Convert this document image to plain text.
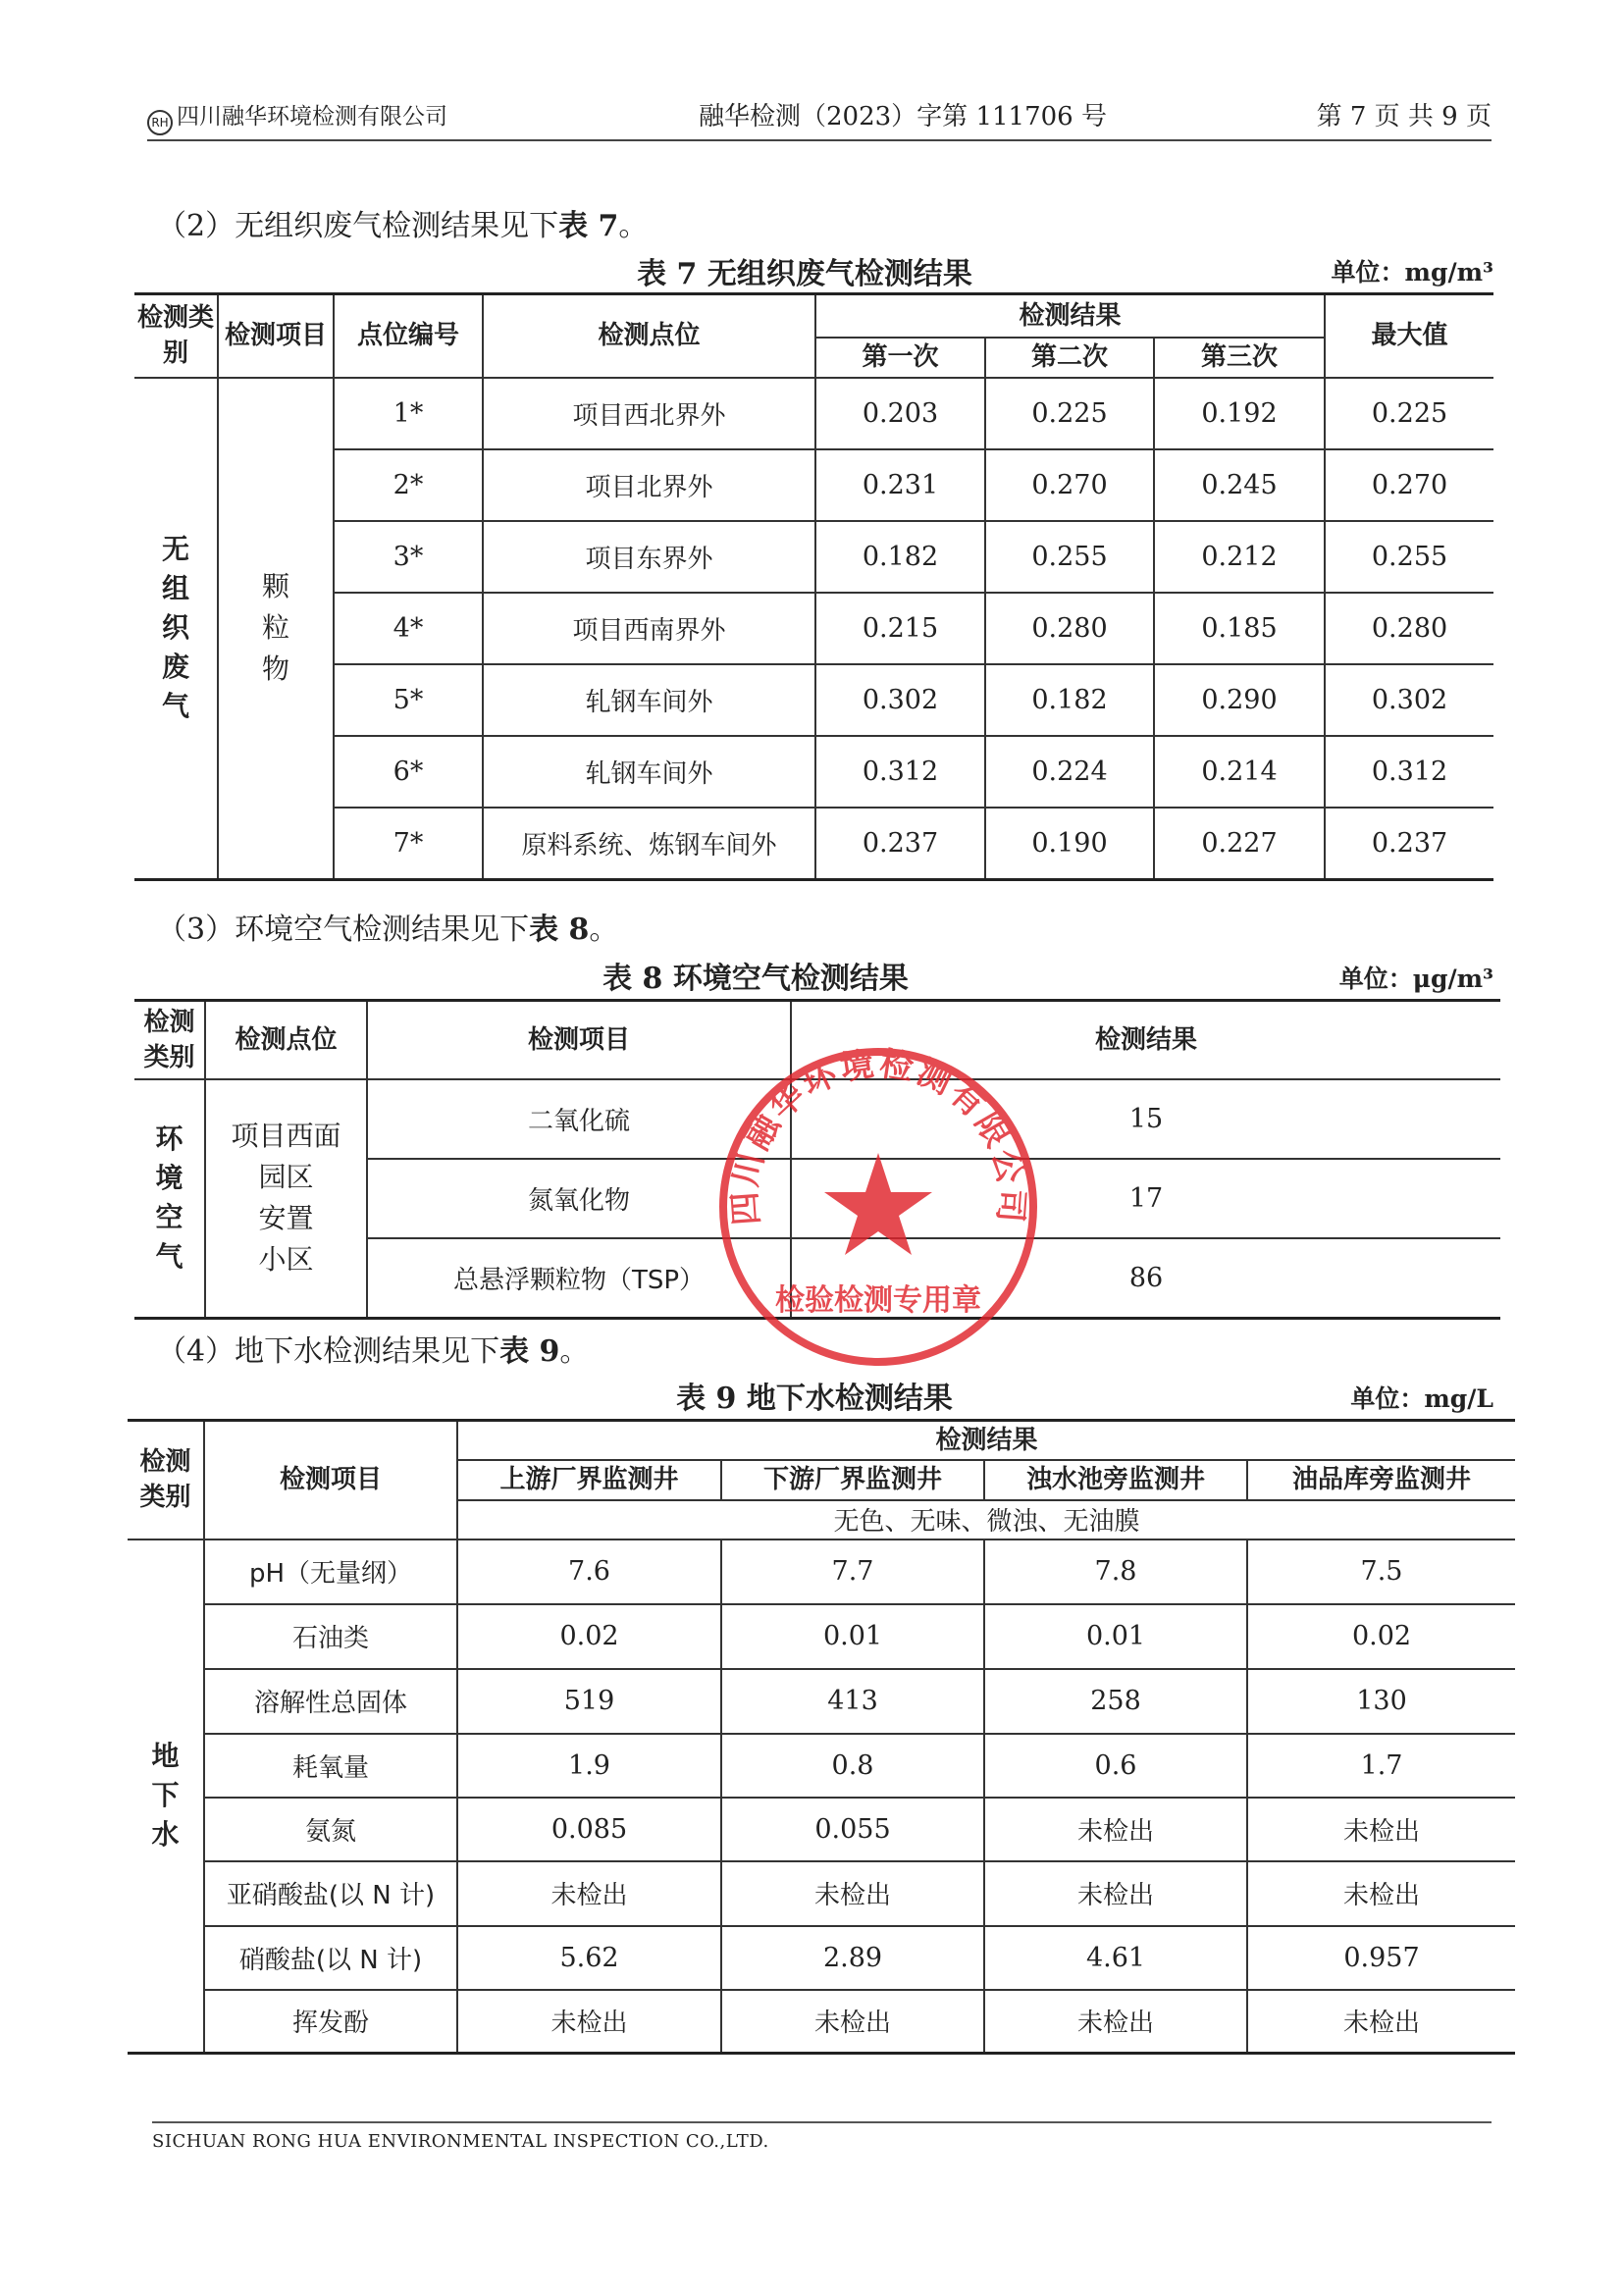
RH 四川融华环境检测有限公司	融华检测（2023）字第 111706 号	第 7 页 共 9 页
（2）无组织废气检测结果见下表 7。
表 7 无组织废气检测结果	单位：mg/m³
检测类别	检测项目	点位编号	检测点位	检测结果			最大值
				第一次	第二次	第三次	
无
组
织
废
气	颗
粒
物	1*	项目西北界外	0.203	0.225	0.192	0.225
		2*	项目北界外	0.231	0.270	0.245	0.270
		3*	项目东界外	0.182	0.255	0.212	0.255
		4*	项目西南界外	0.215	0.280	0.185	0.280
		5*	轧钢车间外	0.302	0.182	0.290	0.302
		6*	轧钢车间外	0.312	0.224	0.214	0.312
		7*	原料系统、炼钢车间外	0.237	0.190	0.227	0.237
（3）环境空气检测结果见下表 8。
表 8 环境空气检测结果	单位：μg/m³
检测类别	检测点位	检测项目	检测结果
环
境
空
气	项目西面
园区
安置
小区	二氧化硫	15
		氮氧化物	17
		总悬浮颗粒物（TSP）	86
（4）地下水检测结果见下表 9。
表 9 地下水检测结果	单位：mg/L
检测类别	检测项目	检测结果			
		上游厂界监测井	下游厂界监测井	浊水池旁监测井	油品库旁监测井
		无色、无味、微浊、无油膜			
地
下
水	pH（无量纲）	7.6	7.7	7.8	7.5
	石油类	0.02	0.01	0.01	0.02
	溶解性总固体	519	413	258	130
	耗氧量	1.9	0.8	0.6	1.7
	氨氮	0.085	0.055	未检出	未检出
	亚硝酸盐(以 N 计)	未检出	未检出	未检出	未检出
	硝酸盐(以 N 计)	5.62	2.89	4.61	0.957
	挥发酚	未检出	未检出	未检出	未检出
四川融华环境检测有限公司
检验检测专用章
SICHUAN RONG HUA ENVIRONMENTAL INSPECTION CO.,LTD.
